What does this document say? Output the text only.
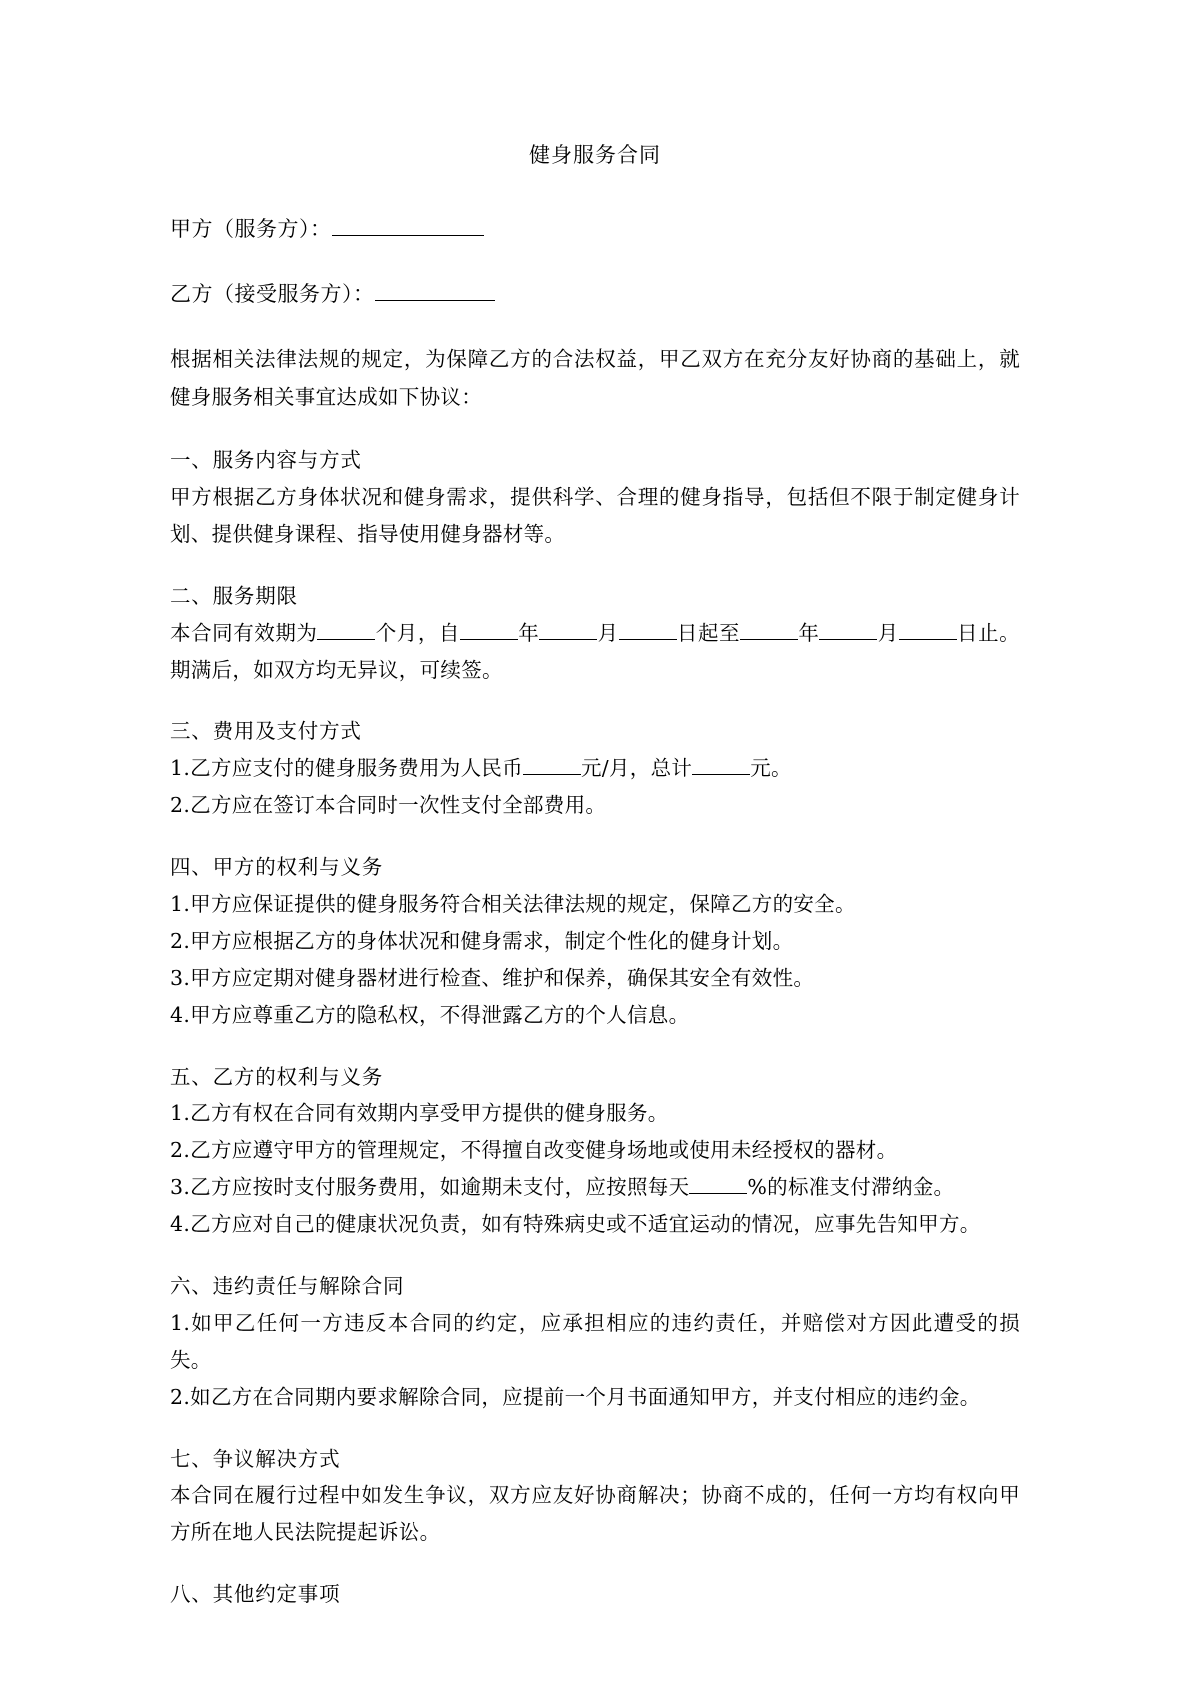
健身服务合同

甲方（服务方）：

乙方（接受服务方）：

根据相关法律法规的规定，为保障乙方的合法权益，甲乙双方在充分友好协商的基础上，就健身服务相关事宜达成如下协议：

一、服务内容与方式

甲方根据乙方身体状况和健身需求，提供科学、合理的健身指导，包括但不限于制定健身计划、提供健身课程、指导使用健身器材等。

二、服务期限

本合同有效期为	个月，自	年	月	日起至	年	月	日止。期满后，如双方均无异议，可续签。

三、费用及支付方式

1.乙方应支付的健身服务费用为人民币	元/月，总计	元。

2.乙方应在签订本合同时一次性支付全部费用。

四、甲方的权利与义务

1.甲方应保证提供的健身服务符合相关法律法规的规定，保障乙方的安全。

2.甲方应根据乙方的身体状况和健身需求，制定个性化的健身计划。

3.甲方应定期对健身器材进行检查、维护和保养，确保其安全有效性。

4.甲方应尊重乙方的隐私权，不得泄露乙方的个人信息。

五、乙方的权利与义务

1.乙方有权在合同有效期内享受甲方提供的健身服务。

2.乙方应遵守甲方的管理规定，不得擅自改变健身场地或使用未经授权的器材。

3.乙方应按时支付服务费用，如逾期未支付，应按照每天	%的标准支付滞纳金。

4.乙方应对自己的健康状况负责，如有特殊病史或不适宜运动的情况，应事先告知甲方。

六、违约责任与解除合同

1.如甲乙任何一方违反本合同的约定，应承担相应的违约责任，并赔偿对方因此遭受的损失。

2.如乙方在合同期内要求解除合同，应提前一个月书面通知甲方，并支付相应的违约金。

七、争议解决方式

本合同在履行过程中如发生争议，双方应友好协商解决；协商不成的，任何一方均有权向甲方所在地人民法院提起诉讼。

八、其他约定事项
